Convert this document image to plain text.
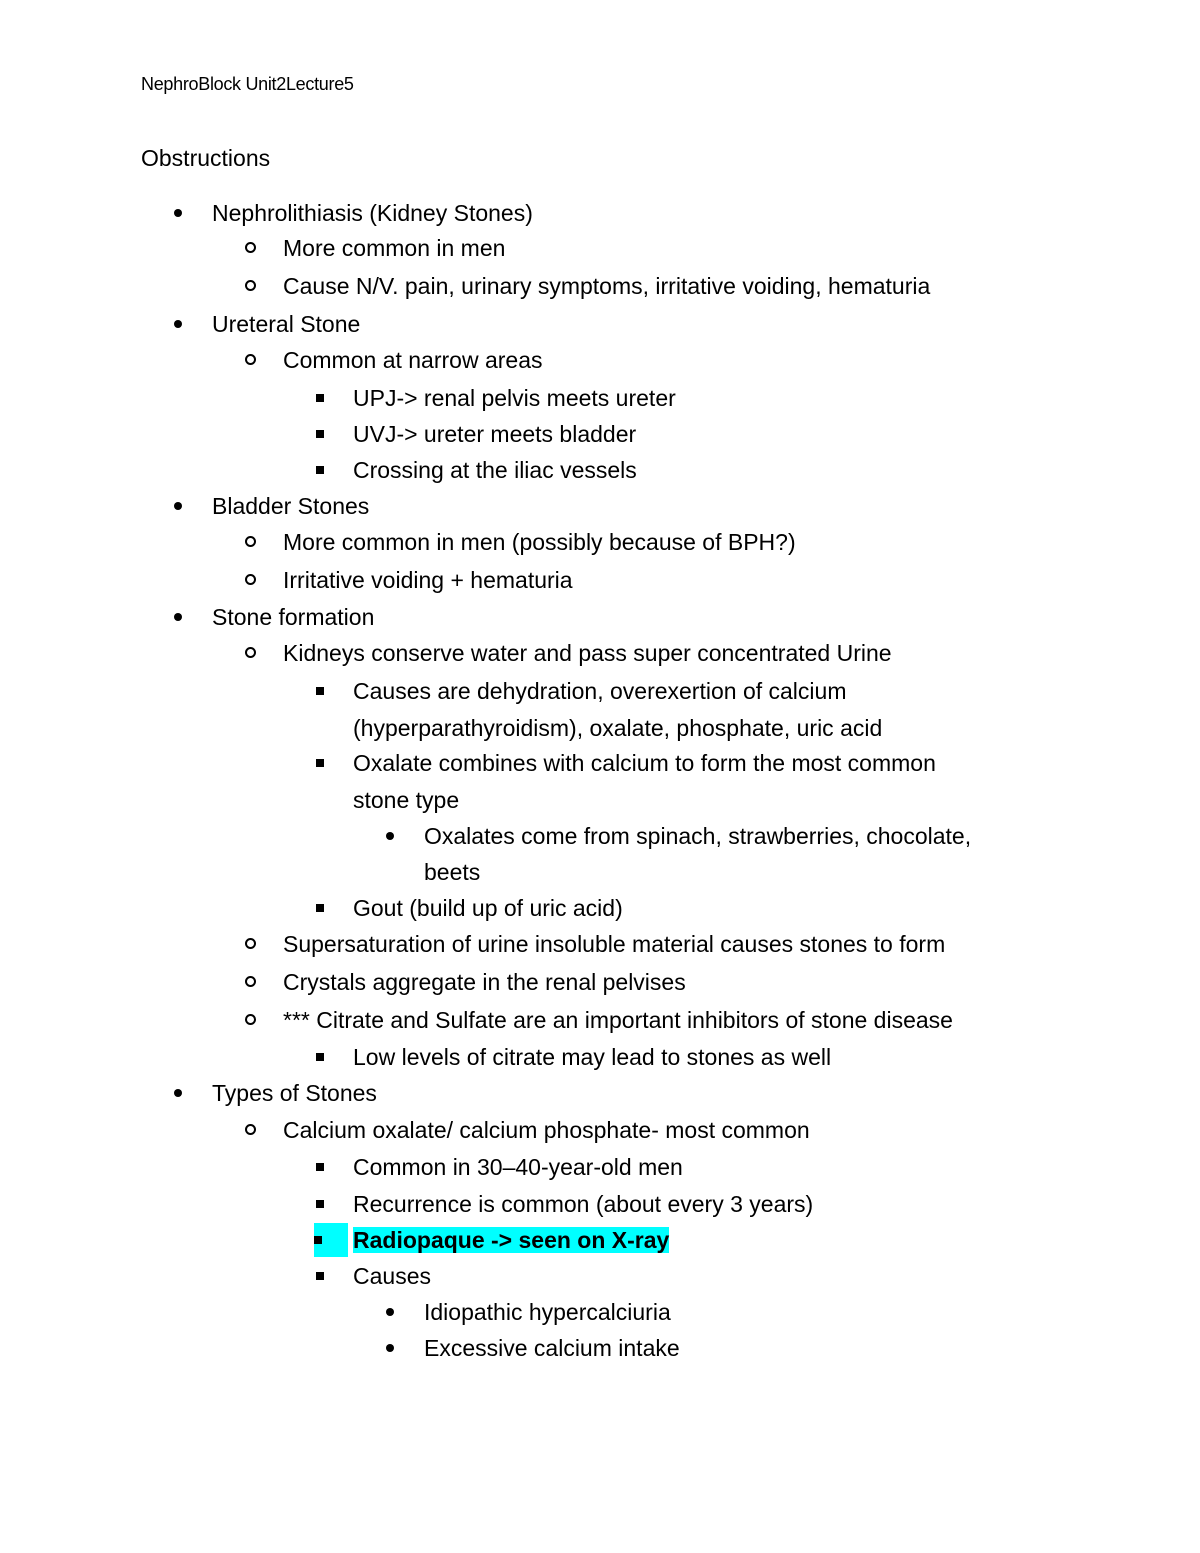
NephroBlock Unit2Lecture5
Obstructions
Nephrolithiasis (Kidney Stones)
More common in men
Cause N/V. pain, urinary symptoms, irritative voiding, hematuria
Ureteral Stone
Common at narrow areas
UPJ-> renal pelvis meets ureter
UVJ-> ureter meets bladder
Crossing at the iliac vessels
Bladder Stones
More common in men (possibly because of BPH?)
Irritative voiding + hematuria
Stone formation
Kidneys conserve water and pass super concentrated Urine
Causes are dehydration, overexertion of calcium
(hyperparathyroidism), oxalate, phosphate, uric acid
Oxalate combines with calcium to form the most common
stone type
Oxalates come from spinach, strawberries, chocolate,
beets
Gout (build up of uric acid)
Supersaturation of urine insoluble material causes stones to form
Crystals aggregate in the renal pelvises
*** Citrate and Sulfate are an important inhibitors of stone disease
Low levels of citrate may lead to stones as well
Types of Stones
Calcium oxalate/ calcium phosphate- most common
Common in 30–40-year-old men
Recurrence is common (about every 3 years)
Radiopaque -> seen on X-ray
Causes
Idiopathic hypercalciuria
Excessive calcium intake
